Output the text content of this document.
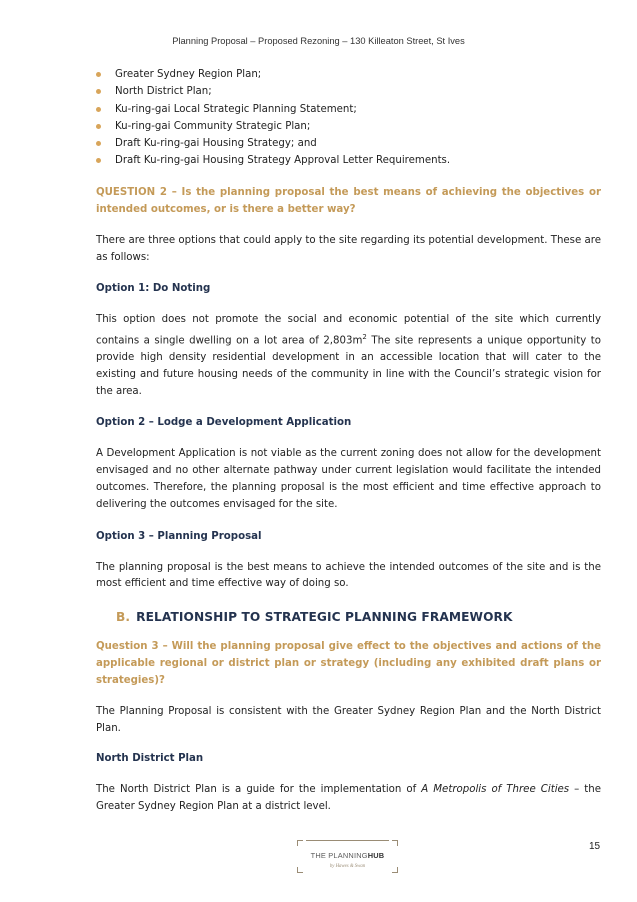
Planning Proposal – Proposed Rezoning – 130 Killeaton Street, St Ives
Greater Sydney Region Plan;
North District Plan;
Ku-ring-gai Local Strategic Planning Statement;
Ku-ring-gai Community Strategic Plan;
Draft Ku-ring-gai Housing Strategy; and
Draft Ku-ring-gai Housing Strategy Approval Letter Requirements.

QUESTION 2 – Is the planning proposal the best means of achieving the objectives or intended outcomes, or is there a better way?

There are three options that could apply to the site regarding its potential development. These are as follows:

Option 1: Do Noting

This option does not promote the social and economic potential of the site which currently contains a single dwelling on a lot area of $2,803m^2$ The site represents a unique opportunity to provide high density residential development in an accessible location that will cater to the existing and future housing needs of the community in line with the Council’s strategic vision for the area.

Option 2 – Lodge a Development Application

A Development Application is not viable as the current zoning does not allow for the development envisaged and no other alternate pathway under current legislation would facilitate the intended outcomes. Therefore, the planning proposal is the most efficient and time effective approach to delivering the outcomes envisaged for the site.

Option 3 – Planning Proposal

The planning proposal is the best means to achieve the intended outcomes of the site and is the most efficient and time effective way of doing so.

B. RELATIONSHIP TO STRATEGIC PLANNING FRAMEWORK

Question 3 – Will the planning proposal give effect to the objectives and actions of the applicable regional or district plan or strategy (including any exhibited draft plans or strategies)?

The Planning Proposal is consistent with the Greater Sydney Region Plan and the North District Plan.

North District Plan

The North District Plan is a guide for the implementation of A Metropolis of Three Cities – the Greater Sydney Region Plan at a district level.

THE PLANNINGHUB
by Hawes & Swan
15
